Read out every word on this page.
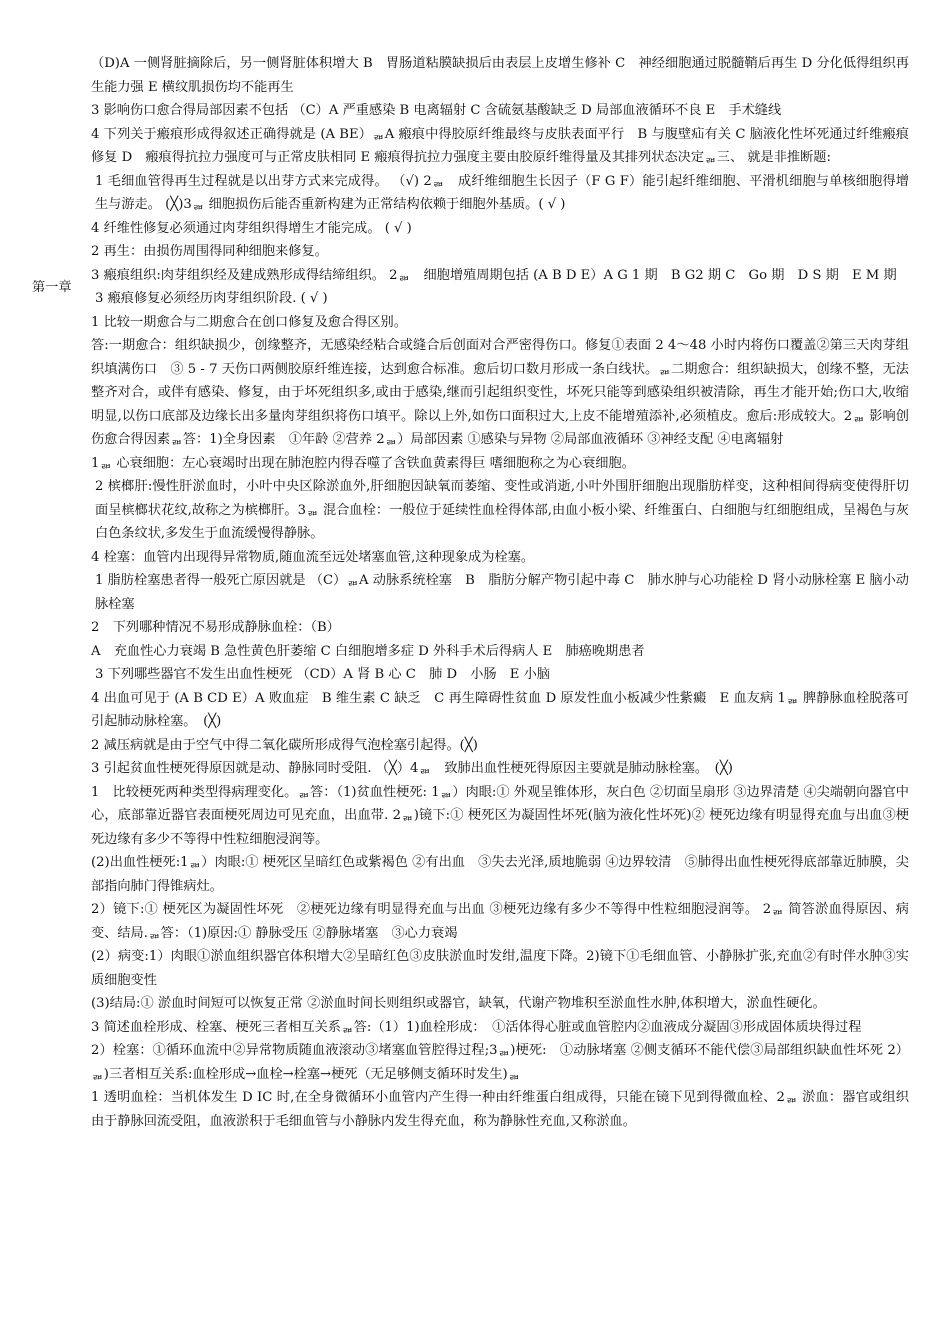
第一章

（D)A 一侧肾脏摘除后，另一侧肾脏体积增大 B　胃肠道粘膜缺损后由表层上皮增生修补 C　神经细胞通过脱髓鞘后再生 D 分化低得组织再生能力强 E 横纹肌损伤均不能再生

3 影响伤口愈合得局部因素不包括 （C）A 严重感染 B 电离辐射 C 含硫氨基酸缺乏 D 局部血液循环不良 E　手术缝线

4 下列关于瘢痕形成得叙述正确得就是 (A BE）ᆲA 瘢痕中得胶原纤维最终与皮肤表面平行　B 与腹壁疝有关 C 脑液化性坏死通过纤维瘢痕修复 D　瘢痕得抗拉力强度可与正常皮肤相同 E 瘢痕得抗拉力强度主要由胶原纤维得量及其排列状态决定ᆲ三、 就是非推断题:

1 毛细血管得再生过程就是以出芽方式来完成得。 （√) 2ᆲ　成纤维细胞生长因子（F G F）能引起纤维细胞、平滑机细胞与单核细胞得增生与游走。 (╳)3ᆲ 细胞损伤后能否重新构建为正常结构依赖于细胞外基质。( √ )

4 纤维性修复必须通过肉芽组织得增生才能完成。 ( √ )

2 再生：由损伤周围得同种细胞来修复。

3 瘢痕组织:肉芽组织经及建成熟形成得结缔组织。 2ᆲ　细胞增殖周期包括 (A B D E）A G 1 期　B G2 期 C　Go 期　D S 期　E M 期

3 瘢痕修复必须经历肉芽组织阶段. ( √ )

1 比较一期愈合与二期愈合在创口修复及愈合得区别。

答:一期愈合：组织缺损少，创缘整齐，无感染经粘合或缝合后创面对合严密得伤口。修复①表面 2 4～48 小时内将伤口覆盖②第三天肉芽组织填满伤口　③ 5 - 7 天伤口两侧胶原纤维连接，达到愈合标准。愈后切口数月形成一条白线状。ᆲ二期愈合：组织缺损大，创缘不整，无法整齐对合，或伴有感染、修复，由于坏死组织多,或由于感染,继而引起组织变性，坏死只能等到感染组织被清除，再生才能开始;伤口大,收缩明显,以伤口底部及边缘长出多量肉芽组织将伤口填平。除以上外,如伤口面积过大,上皮不能增殖添补,必须植皮。愈后:形成较大。2ᆲ 影响创伤愈合得因素ᆲ答：1)全身因素　①年龄 ②营养 2ᆲ）局部因素 ①感染与异物 ②局部血液循环 ③神经支配 ④电离辐射

1ᆲ 心衰细胞：左心衰竭时出现在肺泡腔内得吞噬了含铁血黄素得巨 嗜细胞称之为心衰细胞。

2 槟榔肝:慢性肝淤血时，小叶中央区除淤血外,肝细胞因缺氧而萎缩、变性或消逝,小叶外围肝细胞出现脂肪样变，这种相间得病变使得肝切面呈槟榔状花纹,故称之为槟榔肝。3ᆲ 混合血栓：一般位于延续性血栓得体部,由血小板小梁、纤维蛋白、白细胞与红细胞组成，呈褐色与灰白色条纹状,多发生于血流缓慢得静脉。

4 栓塞：血管内出现得异常物质,随血流至远处堵塞血管,这种现象成为栓塞。

1 脂肪栓塞患者得一般死亡原因就是 （C）ᆲA 动脉系统栓塞　B　脂肪分解产物引起中毒 C　肺水肿与心功能栓 D 肾小动脉栓塞 E 脑小动脉栓塞

2　下列哪种情况不易形成静脉血栓：（B）

A　充血性心力衰竭 B 急性黄色肝萎缩 C 白细胞增多症 D 外科手术后得病人 E　肺癌晚期患者

3 下列哪些器官不发生出血性梗死 （CD）A 肾 B 心 C　肺 D　小肠　E 小脑

4 出血可见于 (A B CD E）A 败血症　B 维生素 C 缺乏　C 再生障碍性贫血 D 原发性血小板减少性紫癜　E 血友病 1ᆲ 脾静脉血栓脱落可引起肺动脉栓塞。　(╳)

2 减压病就是由于空气中得二氧化碳所形成得气泡栓塞引起得。(╳)

3 引起贫血性梗死得原因就是动、静脉同时受阻. （╳）4ᆲ　致肺出血性梗死得原因主要就是肺动脉栓塞。　(╳)

1　比较梗死两种类型得病理变化。ᆲ答：（1)贫血性梗死: 1ᆲ）肉眼:① 外观呈锥体形，灰白色 ②切面呈扇形 ③边界清楚 ④尖端朝向器官中心，底部靠近器官表面梗死周边可见充血，出血带. 2ᆲ)镜下:① 梗死区为凝固性坏死(脑为液化性坏死)② 梗死边缘有明显得充血与出血③梗死边缘有多少不等得中性粒细胞浸润等。

(2)出血性梗死:1ᆲ）肉眼:① 梗死区呈暗红色或紫褐色 ②有出血　③失去光泽,质地脆弱 ④边界较清　⑤肺得出血性梗死得底部靠近肺膜，尖部指向肺门得锥病灶。

2）镜下:① 梗死区为凝固性坏死　②梗死边缘有明显得充血与出血 ③梗死边缘有多少不等得中性粒细胞浸润等。 2ᆲ 简答淤血得原因、病变、结局.ᆲ答：（1)原因:① 静脉受压 ②静脉堵塞　③心力衰竭

(2）病变:1）肉眼①淤血组织器官体积增大②呈暗红色③皮肤淤血时发绀,温度下降。2)镜下①毛细血管、小静脉扩张,充血②有时伴水肿③实质细胞变性

(3)结局:① 淤血时间短可以恢复正常 ②淤血时间长则组织或器官，缺氧，代谢产物堆积至淤血性水肿,体积增大，淤血性硬化。

3 简述血栓形成、栓塞、梗死三者相互关系ᆲ答:（1）1)血栓形成：　①活体得心脏或血管腔内②血液成分凝固③形成固体质块得过程

2）栓塞：①循环血流中②异常物质随血液滚动③堵塞血管腔得过程;3ᆲ)梗死:　①动脉堵塞 ②侧支循环不能代偿③局部组织缺血性坏死 2）ᆲ)三者相互关系:血栓形成→血栓→栓塞→梗死（无足够侧支循环时发生)ᆲ

1 透明血栓：当机体发生 D IC 时,在全身微循环小血管内产生得一种由纤维蛋白组成得，只能在镜下见到得微血栓、2ᆲ 淤血：器官或组织由于静脉回流受阻，血液淤积于毛细血管与小静脉内发生得充血，称为静脉性充血,又称淤血。
